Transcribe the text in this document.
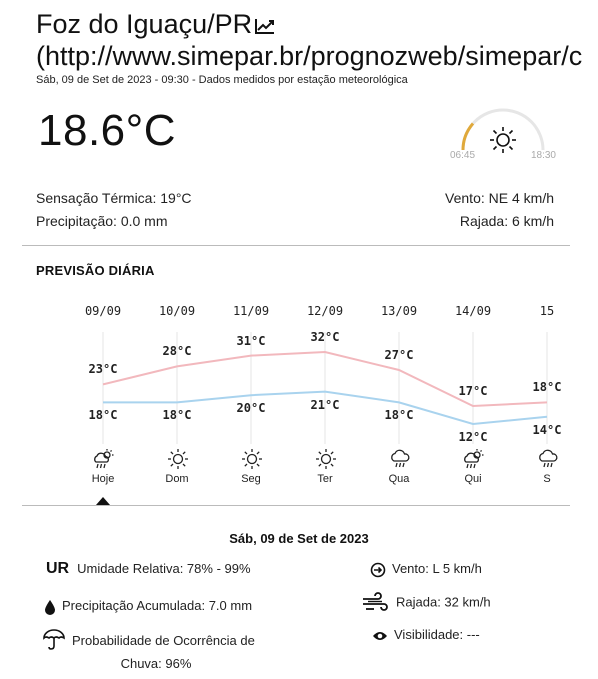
Foz do Iguaçu/PR
(http://www.simepar.br/prognozweb/simepar/c
Sáb, 09 de Set de 2023 - 09:30 - Dados medidos por estação meteorológica
18.6°C
06:45	18:30
Sensação Térmica: 19°C
Precipitação: 0.0 mm
Vento: NE 4 km/h
Rajada: 6 km/h
PREVISÃO DIÁRIA
09/09
23°C
18°C
Hoje
10/09
28°C
18°C
Dom
11/09
31°C
20°C
Seg
12/09
32°C
21°C
Ter
13/09
27°C
18°C
Qua
14/09
17°C
12°C
Qui
15
18°C
14°C
S
Sáb, 09 de Set de 2023
UR Umidade Relativa: 78% - 99%
Precipitação Acumulada: 7.0 mm
Probabilidade de Ocorrência de
Chuva: 96%
Vento: L 5 km/h
Rajada: 32 km/h
Visibilidade: ---
